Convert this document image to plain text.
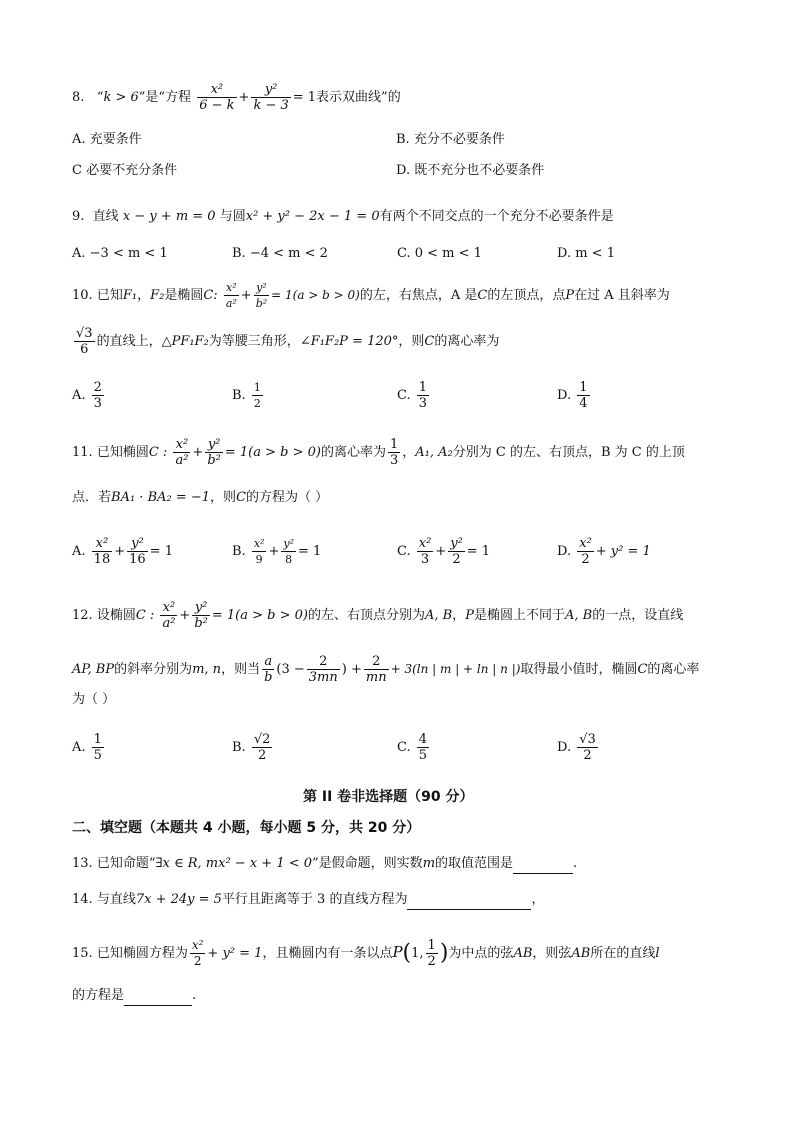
8. “k > 6”是“方程 $\frac{\text{x²}}{6 - k} + \frac{\text{y²}}{k - 3} = 1$表示双曲线”的
A. 充要条件	B. 充分不必要条件
C 必要不充分条件	D. 既不充分也不必要条件
9. 直线 x − y + m = 0 与圆x² + y² − 2x − 1 = 0有两个不同交点的一个充分不必要条件是
A. −3 < m < 1	B. −4 < m < 2	C. 0 < m < 1	D. m < 1
10. 已知F₁，F₂是椭圆C: $\frac{\text{x²}}{\text{a²}} + \frac{\text{y²}}{\text{b²}} = 1(a > b > 0)$的左，右焦点，A 是C的左顶点，点P在过 A 且斜率为
$\frac{√3}{6}$ 的直线上，△PF₁F₂为等腰三角形，∠F₁F₂P = 120°，则C的离心率为
A. $\frac{2}{3}$	B. $\frac{1}{2}$	C. $\frac{1}{3}$	D. $\frac{1}{4}$
11. 已知椭圆C : $\frac{\text{x²}}{\text{a²}} + \frac{\text{y²}}{\text{b²}} = 1(a > b > 0)$的离心率为 $\frac{1}{3}$ ，A₁, A₂分别为 C 的左、右顶点，B 为 C 的上顶
点．若BA₁ · BA₂ = −1，则C的方程为（ ）
A. $\frac{\text{x²}}{18} + \frac{\text{y²}}{16} = 1$	B. $\frac{\text{x²}}{9} + \frac{\text{y²}}{8} = 1$	C. $\frac{\text{x²}}{3} + \frac{\text{y²}}{2} = 1$	D. $\frac{\text{x²}}{2} + y^2 = 1$
12. 设椭圆C : $\frac{\text{x²}}{\text{a²}} + \frac{\text{y²}}{\text{b²}} = 1(a > b > 0)$的左、右顶点分别为A, B，P是椭圆上不同于A, B的一点，设直线
AP, BP的斜率分别为m, n，则当 $\frac{a}{b} (3 - \frac{2}{3mn}$ ) + $\frac{2}{mn} + 3(\ln$ | m | + ln | n |)取得最小值时，椭圆C的离心率
为（ ）
A. $\frac{1}{5}$	B. $\frac{√2}{2}$	C. $\frac{4}{5}$	D. $\frac{√3}{2}$
第 II 卷非选择题（90 分）
二、填空题（本题共 4 小题，每小题 5 分，共 20 分）
13. 已知命题“∃x ∈ R, mx² − x + 1 < 0”是假命题，则实数m的取值范围是	.
14. 与直线7x + 24y = 5平行且距离等于 3 的直线方程为	，
15. 已知椭圆方程为 $\frac{\text{x²}}{2} + y^2 = 1$，且椭圆内有一条以点P(1, $\frac{1}{2}$ )为中点的弦AB，则弦AB所在的直线l
的方程是	.
